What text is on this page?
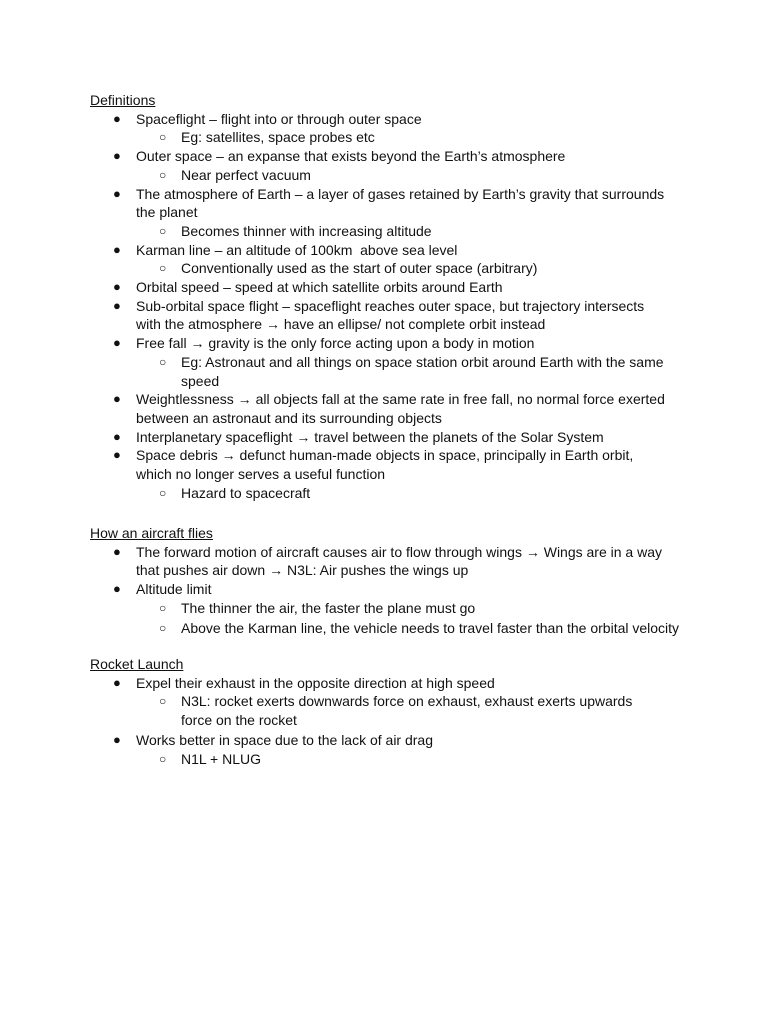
Definitions

● Spaceflight – flight into or through outer space
○ Eg: satellites, space probes etc
● Outer space – an expanse that exists beyond the Earth’s atmosphere
○ Near perfect vacuum
● The atmosphere of Earth – a layer of gases retained by Earth’s gravity that surrounds the planet
○ Becomes thinner with increasing altitude
● Karman line – an altitude of 100km  above sea level
○ Conventionally used as the start of outer space (arbitrary)
● Orbital speed – speed at which satellite orbits around Earth
● Sub-orbital space flight – spaceflight reaches outer space, but trajectory intersects with the atmosphere → have an ellipse/ not complete orbit instead
● Free fall → gravity is the only force acting upon a body in motion
○ Eg: Astronaut and all things on space station orbit around Earth with the same speed
● Weightlessness → all objects fall at the same rate in free fall, no normal force exerted between an astronaut and its surrounding objects
● Interplanetary spaceflight → travel between the planets of the Solar System
● Space debris → defunct human-made objects in space, principally in Earth orbit, which no longer serves a useful function
○ Hazard to spacecraft

How an aircraft flies

● The forward motion of aircraft causes air to flow through wings → Wings are in a way that pushes air down → N3L: Air pushes the wings up
● Altitude limit
○ The thinner the air, the faster the plane must go
○ Above the Karman line, the vehicle needs to travel faster than the orbital velocity

Rocket Launch

● Expel their exhaust in the opposite direction at high speed
○ N3L: rocket exerts downwards force on exhaust, exhaust exerts upwards force on the rocket
● Works better in space due to the lack of air drag
○ N1L + NLUG
